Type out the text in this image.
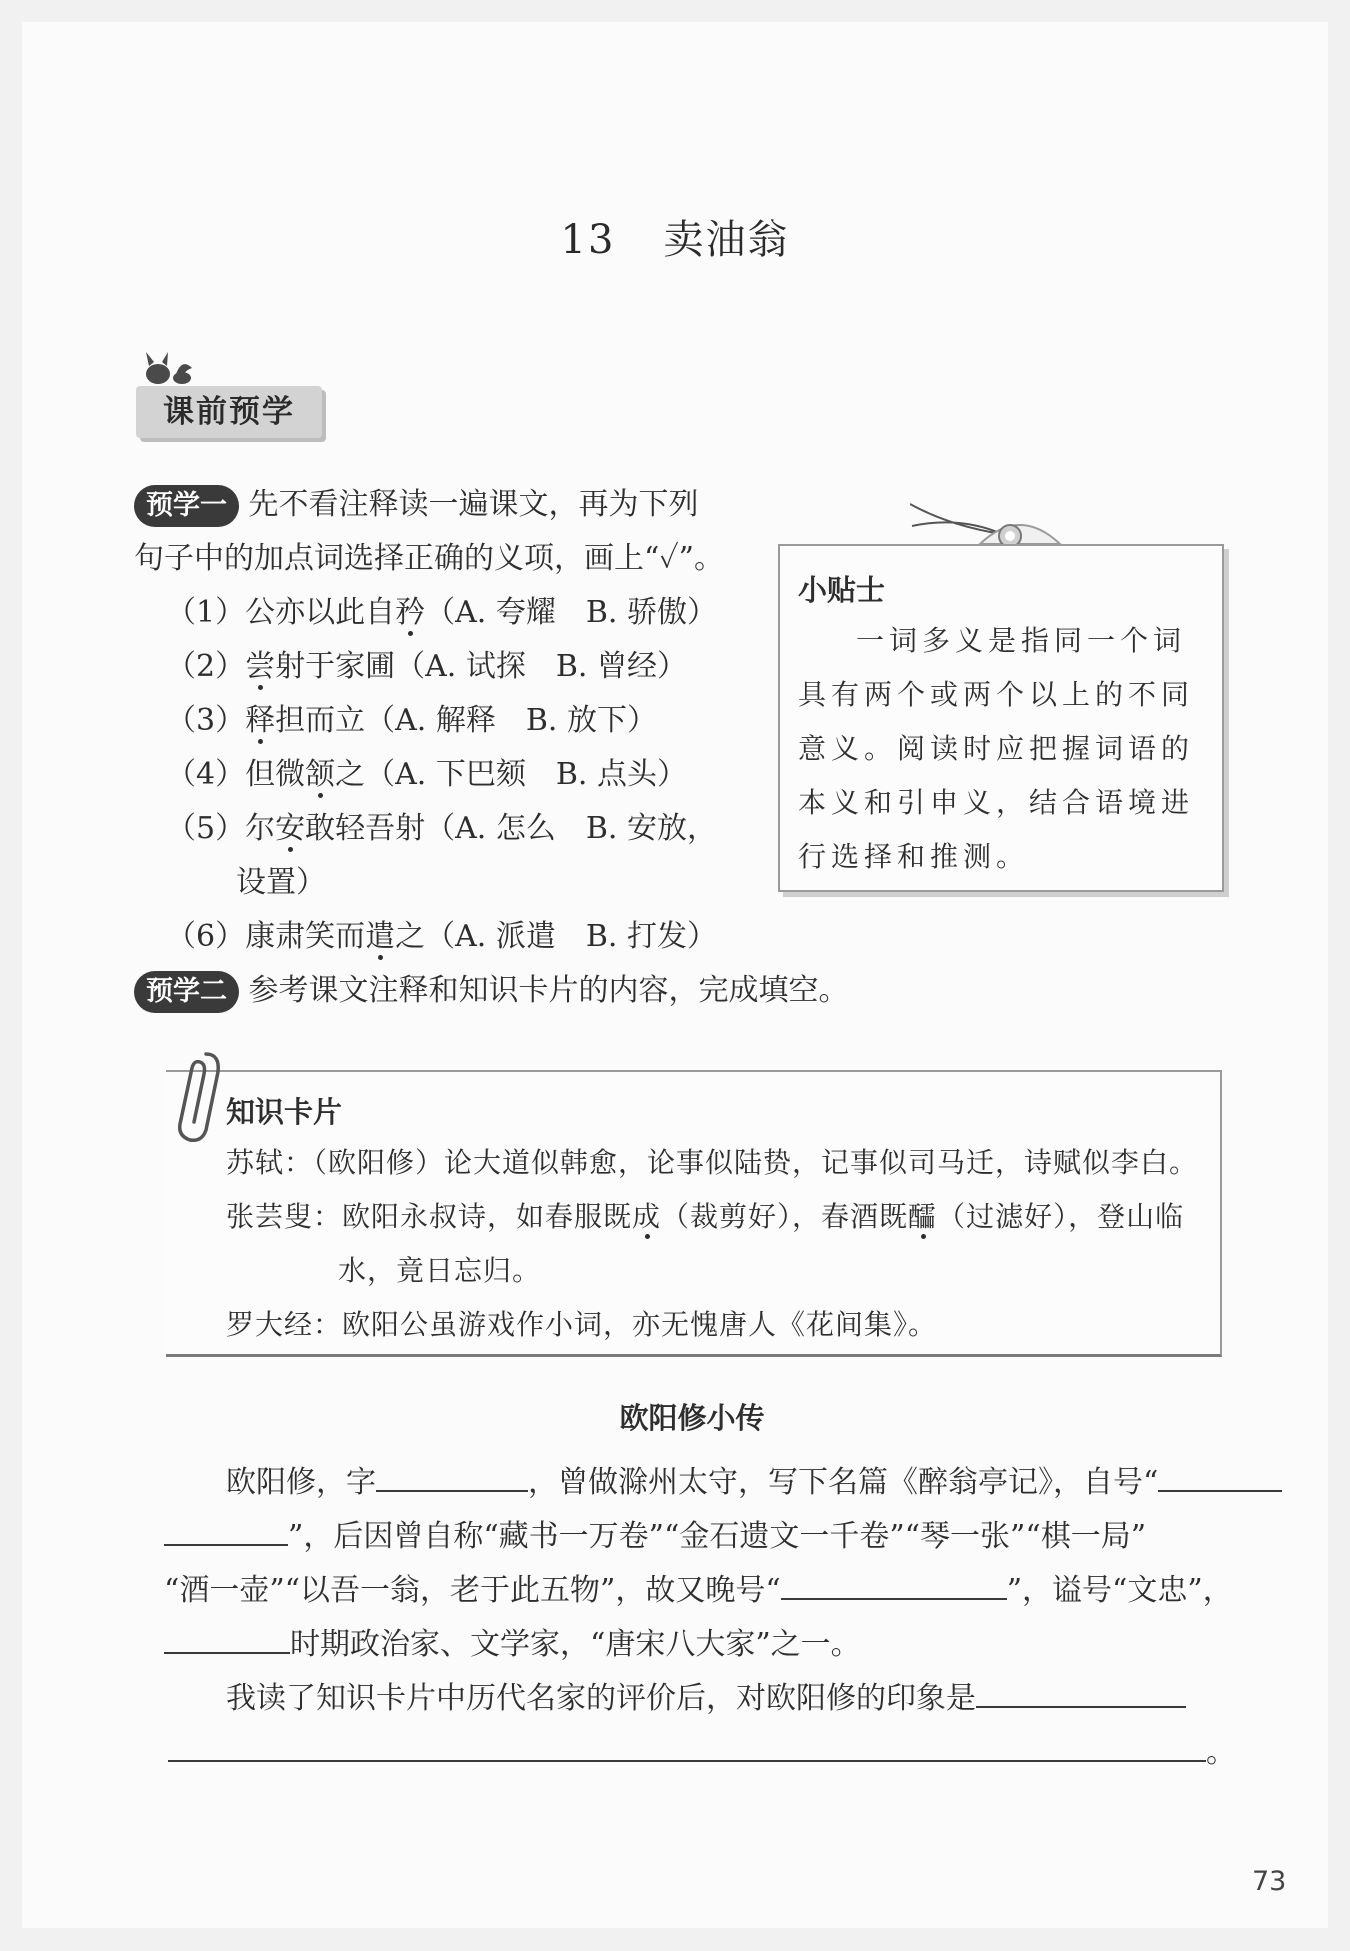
13 卖油翁
课前预学
预学一 先不看注释读一遍课文，再为下列
句子中的加点词选择正确的义项，画上“✓”。
（1）公亦以此自矜（A. 夸耀　B. 骄傲）
（2）尝射于家圃（A. 试探　B. 曾经）
（3）释担而立（A. 解释　B. 放下）
（4）但微颔之（A. 下巴颏　B. 点头）
（5）尔安敢轻吾射（A. 怎么　B. 安放，
设置）
（6）康肃笑而遣之（A. 派遣　B. 打发）
小贴士
一词多义是指同一个词具有两个或两个以上的不同意义。阅读时应把握词语的本义和引申义，结合语境进行选择和推测。
预学二 参考课文注释和知识卡片的内容，完成填空。
知识卡片
苏轼：（欧阳修）论大道似韩愈，论事似陆贽，记事似司马迁，诗赋似李白。
张芸叟：欧阳永叔诗，如春服既成（裁剪好），春酒既醽（过滤好），登山临
水，竟日忘归。
罗大经：欧阳公虽游戏作小词，亦无愧唐人《花间集》。
欧阳修小传
欧阳修，字	，曾做滁州太守，写下名篇《醉翁亭记》，自号“
”，后因曾自称“藏书一万卷”“金石遗文一千卷”“琴一张”“棋一局”
“酒一壶”“以吾一翁，老于此五物”，故又晚号“	”，谥号“文忠”，
时期政治家、文学家，“唐宋八大家”之一。
我读了知识卡片中历代名家的评价后，对欧阳修的印象是
。
73
